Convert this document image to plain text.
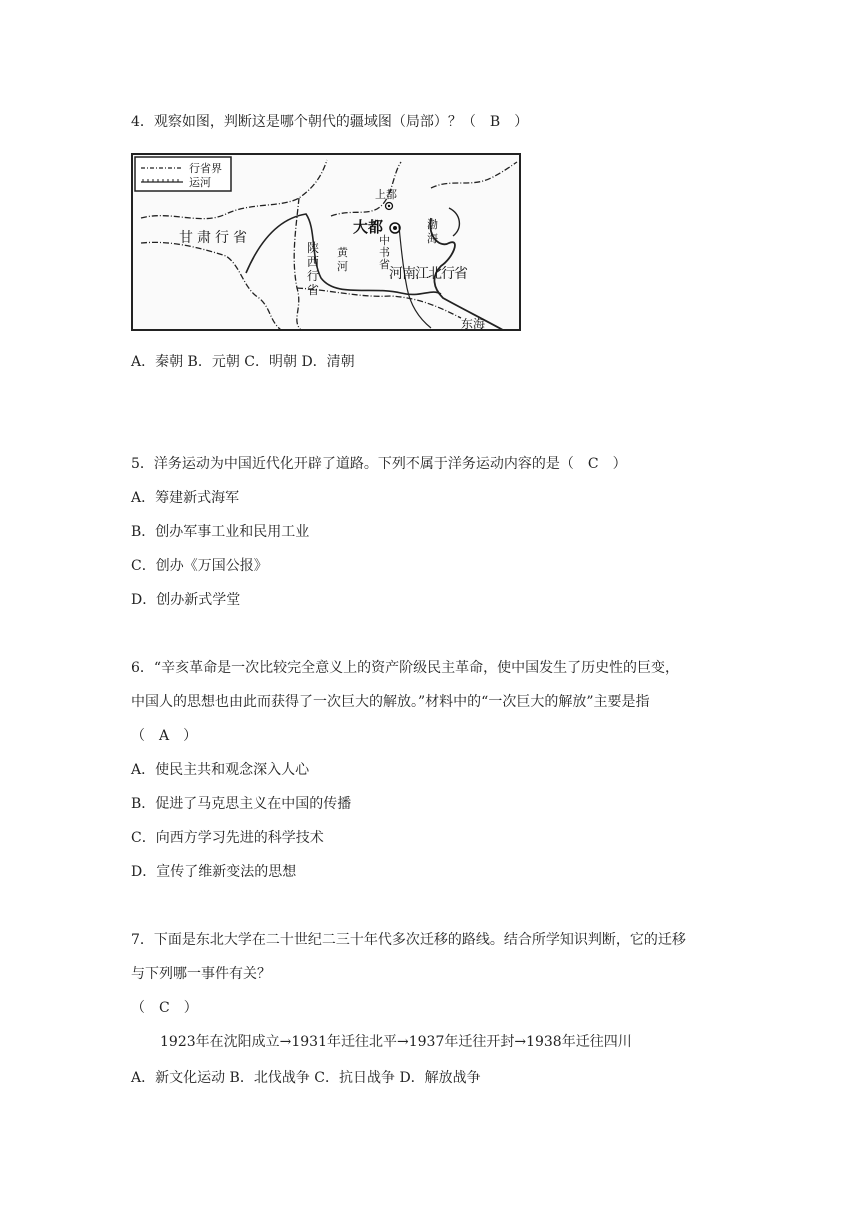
4．观察如图，判断这是哪个朝代的疆域图（局部）？（　B　）
行省界
运河
上都
大都
甘肃行省
河南江北行省
东海
陕 西 行 省
黄 河
中 书 省
渤 海
A．秦朝 B．元朝 C．明朝 D．清朝
5．洋务运动为中国近代化开辟了道路。下列不属于洋务运动内容的是（　C　）
A．筹建新式海军
B．创办军事工业和民用工业
C．创办《万国公报》
D．创办新式学堂
6．“辛亥革命是一次比较完全意义上的资产阶级民主革命，使中国发生了历史性的巨变，
中国人的思想也由此而获得了一次巨大的解放。”材料中的“一次巨大的解放”主要是指
（　A　）
A．使民主共和观念深入人心
B．促进了马克思主义在中国的传播
C．向西方学习先进的科学技术
D．宣传了维新变法的思想
7．下面是东北大学在二十世纪二三十年代多次迁移的路线。结合所学知识判断，它的迁移
与下列哪一事件有关？
（　C　）
1923年在沈阳成立→1931年迁往北平→1937年迁往开封→1938年迁往四川
A．新文化运动 B．北伐战争 C．抗日战争 D．解放战争
